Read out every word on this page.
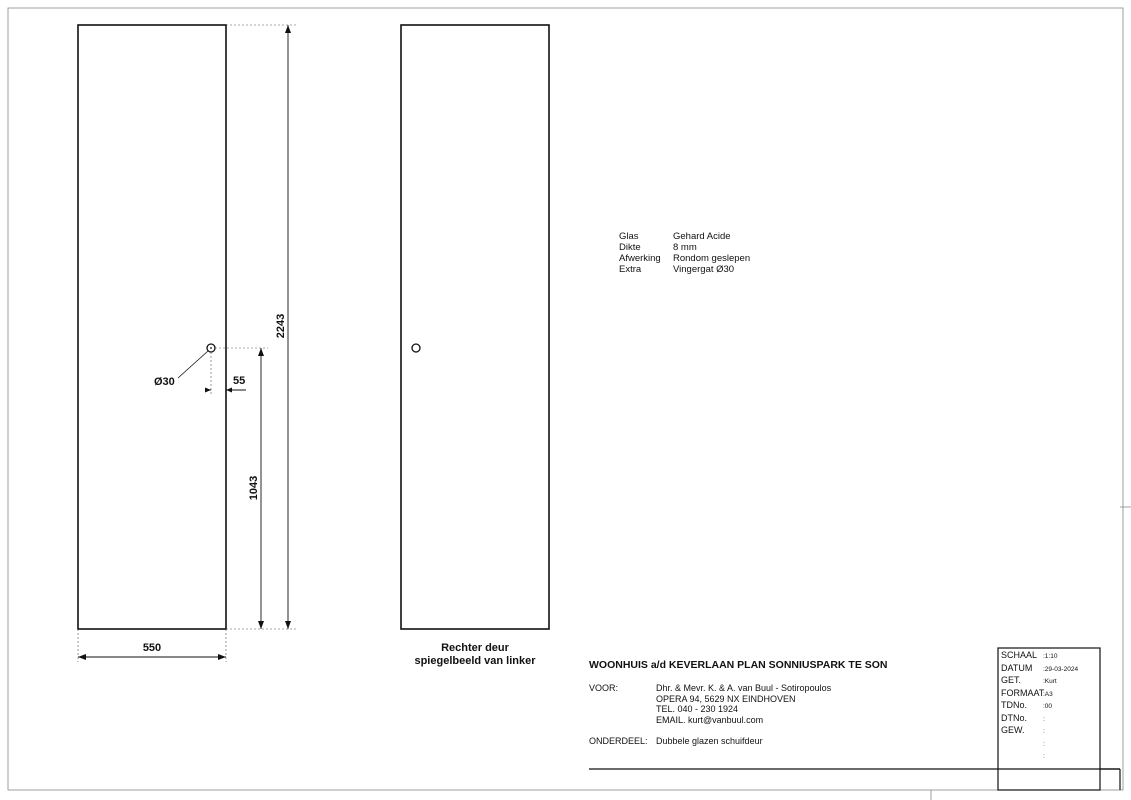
2243
1043
550
Ø30	55
Rechter deur
spiegelbeeld van linker
Glas	Gehard Acide
Dikte	8 mm
Afwerking Rondom geslepen
Extra	Vingergat Ø30
WOONHUIS a/d KEVERLAAN PLAN SONNIUSPARK TE SON
VOOR:	Dhr. & Mevr. K. & A. van Buul - Sotiropoulos
OPERA 94, 5629 NX EINDHOVEN
TEL. 040 - 230 1924
EMAIL. kurt@vanbuul.com
ONDERDEEL: Dubbele glazen schuifdeur
SCHAAL :1:10
DATUM :29-03-2024
GET.	:Kurt
FORMAAT:A3
TDNo. :00
DTNo. :
GEW.	:
:
:
